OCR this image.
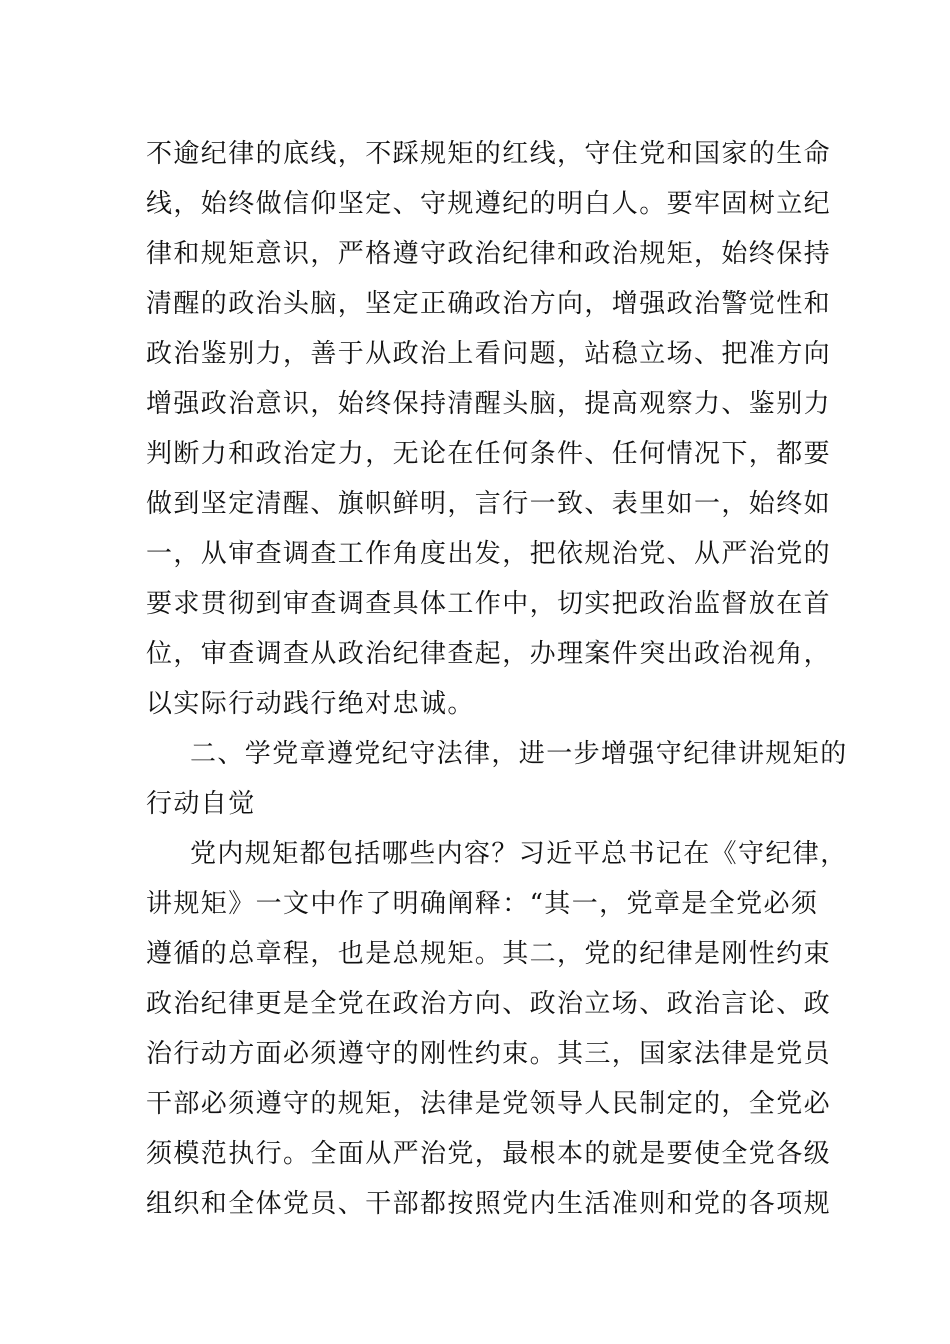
不逾纪律的底线，不踩规矩的红线，守住党和国家的生命
线，始终做信仰坚定、守规遵纪的明白人。要牢固树立纪
律和规矩意识，严格遵守政治纪律和政治规矩，始终保持
清醒的政治头脑，坚定正确政治方向，增强政治警觉性和
政治鉴别力，善于从政治上看问题，站稳立场、把准方向
增强政治意识，始终保持清醒头脑，提高观察力、鉴别力
判断力和政治定力，无论在任何条件、任何情况下，都要
做到坚定清醒、旗帜鲜明，言行一致、表里如一，始终如
一，从审查调查工作角度出发，把依规治党、从严治党的
要求贯彻到审查调查具体工作中，切实把政治监督放在首
位，审查调查从政治纪律查起，办理案件突出政治视角，
以实际行动践行绝对忠诚。
二、学党章遵党纪守法律，进一步增强守纪律讲规矩的
行动自觉
党内规矩都包括哪些内容？习近平总书记在《守纪律，
讲规矩》一文中作了明确阐释：“其一，党章是全党必须
遵循的总章程，也是总规矩。其二，党的纪律是刚性约束
政治纪律更是全党在政治方向、政治立场、政治言论、政
治行动方面必须遵守的刚性约束。其三，国家法律是党员
干部必须遵守的规矩，法律是党领导人民制定的，全党必
须模范执行。全面从严治党，最根本的就是要使全党各级
组织和全体党员、干部都按照党内生活准则和党的各项规
